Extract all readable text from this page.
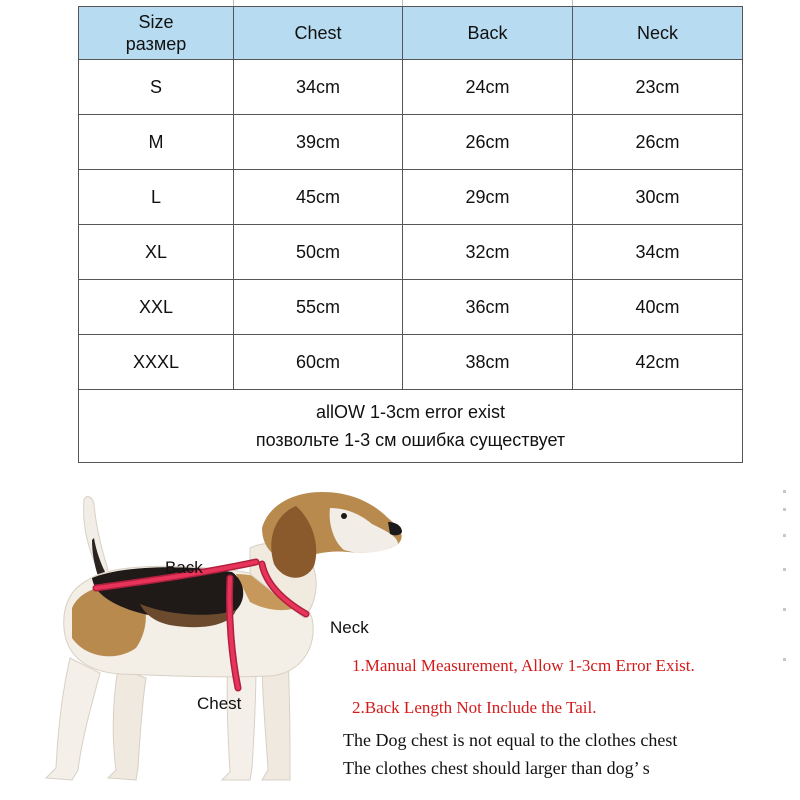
Size
размер	Chest	Back	Neck
S	34cm	24cm	23cm
M	39cm	26cm	26cm
L	45cm	29cm	30cm
XL	50cm	32cm	34cm
XXL	55cm	36cm	40cm
XXXL	60cm	38cm	42cm

allOW 1-3cm error exist
позвольте 1-3 см ошибка существует			
Back
Neck
Chest
1.Manual Measurement, Allow 1-3cm Error Exist.
2.Back Length Not Include the Tail.
The Dog chest is not equal to the clothes chest
The clothes chest should larger than dog’ s
